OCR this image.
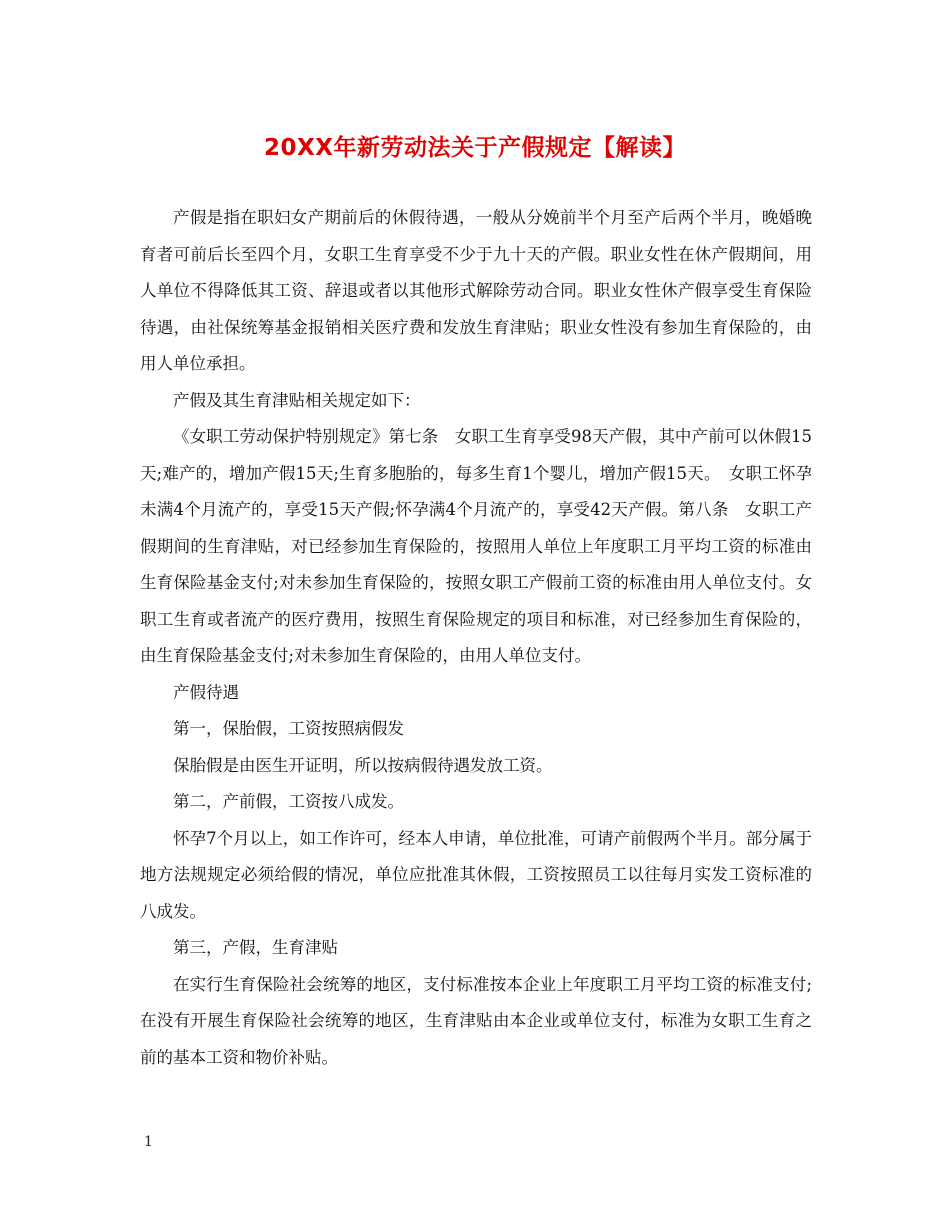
20XX年新劳动法关于产假规定【解读】

产假是指在职妇女产期前后的休假待遇，一般从分娩前半个月至产后两个半月，晚婚晚育者可前后长至四个月，女职工生育享受不少于九十天的产假。职业女性在休产假期间，用人单位不得降低其工资、辞退或者以其他形式解除劳动合同。职业女性休产假享受生育保险待遇，由社保统筹基金报销相关医疗费和发放生育津贴；职业女性没有参加生育保险的，由用人单位承担。

产假及其生育津贴相关规定如下：

《女职工劳动保护特别规定》第七条　女职工生育享受98天产假，其中产前可以休假15天;难产的，增加产假15天;生育多胞胎的，每多生育1个婴儿，增加产假15天。　女职工怀孕未满4个月流产的，享受15天产假;怀孕满4个月流产的，享受42天产假。第八条　女职工产假期间的生育津贴，对已经参加生育保险的，按照用人单位上年度职工月平均工资的标准由生育保险基金支付;对未参加生育保险的，按照女职工产假前工资的标准由用人单位支付。女职工生育或者流产的医疗费用，按照生育保险规定的项目和标准，对已经参加生育保险的，由生育保险基金支付;对未参加生育保险的，由用人单位支付。

产假待遇

第一，保胎假，工资按照病假发

保胎假是由医生开证明，所以按病假待遇发放工资。

第二，产前假，工资按八成发。

怀孕7个月以上，如工作许可，经本人申请，单位批准，可请产前假两个半月。部分属于地方法规规定必须给假的情况，单位应批准其休假，工资按照员工以往每月实发工资标准的八成发。

第三，产假，生育津贴

在实行生育保险社会统筹的地区，支付标准按本企业上年度职工月平均工资的标准支付;在没有开展生育保险社会统筹的地区，生育津贴由本企业或单位支付，标准为女职工生育之前的基本工资和物价补贴。

1
